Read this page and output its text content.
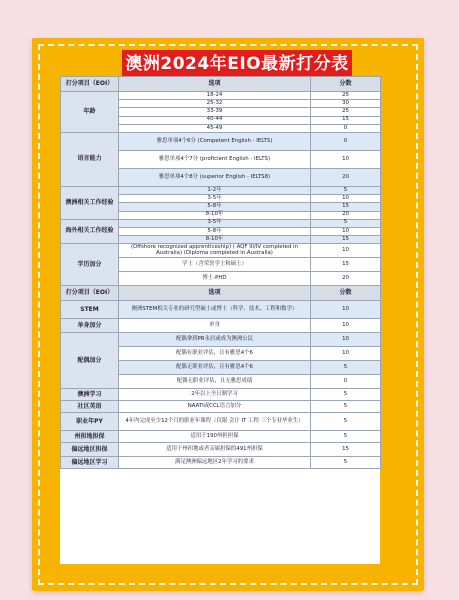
澳洲2024年EIO最新打分表
打分项目（EOI）	选项	分数
年龄	18-24	25
	25-32	30
	33-39	25
	40-44	15
	45-49	0
语言能力	雅思单项4个6分 (Competent English - IELTS)	0
	雅思单项4个7分 (proficient English - IELTS)	10
	雅思单项4个8分 (superior English - IELTS8)	20
澳洲相关工作经验	1-2年	5
	3-5年	10
	5-8年	15
	8-10年	20
海外相关工作经验	3-5年	5
	5-8年	10
	8-10年	15
学历加分	(Offshore recognized apprenticeship) ( AQF III/IV completed in Australia) (Diploma completed in Australia)	10
	学士（含荣誉学士和硕士）	15
	博士-PHD	20
打分项目（EOI）	选项	分数
STEM	澳洲STEM相关专业的研究型硕士或博士（科学、技术、工程和数学）	10
单身加分	单身	10
配偶加分	配偶拿到PR永居或成为澳洲公民	10
	配偶有职业评估，且有雅思4个6	10
	配偶无职业评估，且有雅思4个6	5
	配偶无职业评估，且无雅思成绩	0
澳洲学习	2年以上全日制学习	5
社区英语	NAATI或CCL语言加分	5
职业年PY	4年内完成至少12个月的职业年课程（仅限 会计 IT 工程 三个专业毕业生）	5
州担地担保	适用于190州担担保	5
偏远地区担保	适用于州担地或者亲属担保的491州担保	15
偏远地区学习	满足澳洲偏远地区2年学习的要求	5
